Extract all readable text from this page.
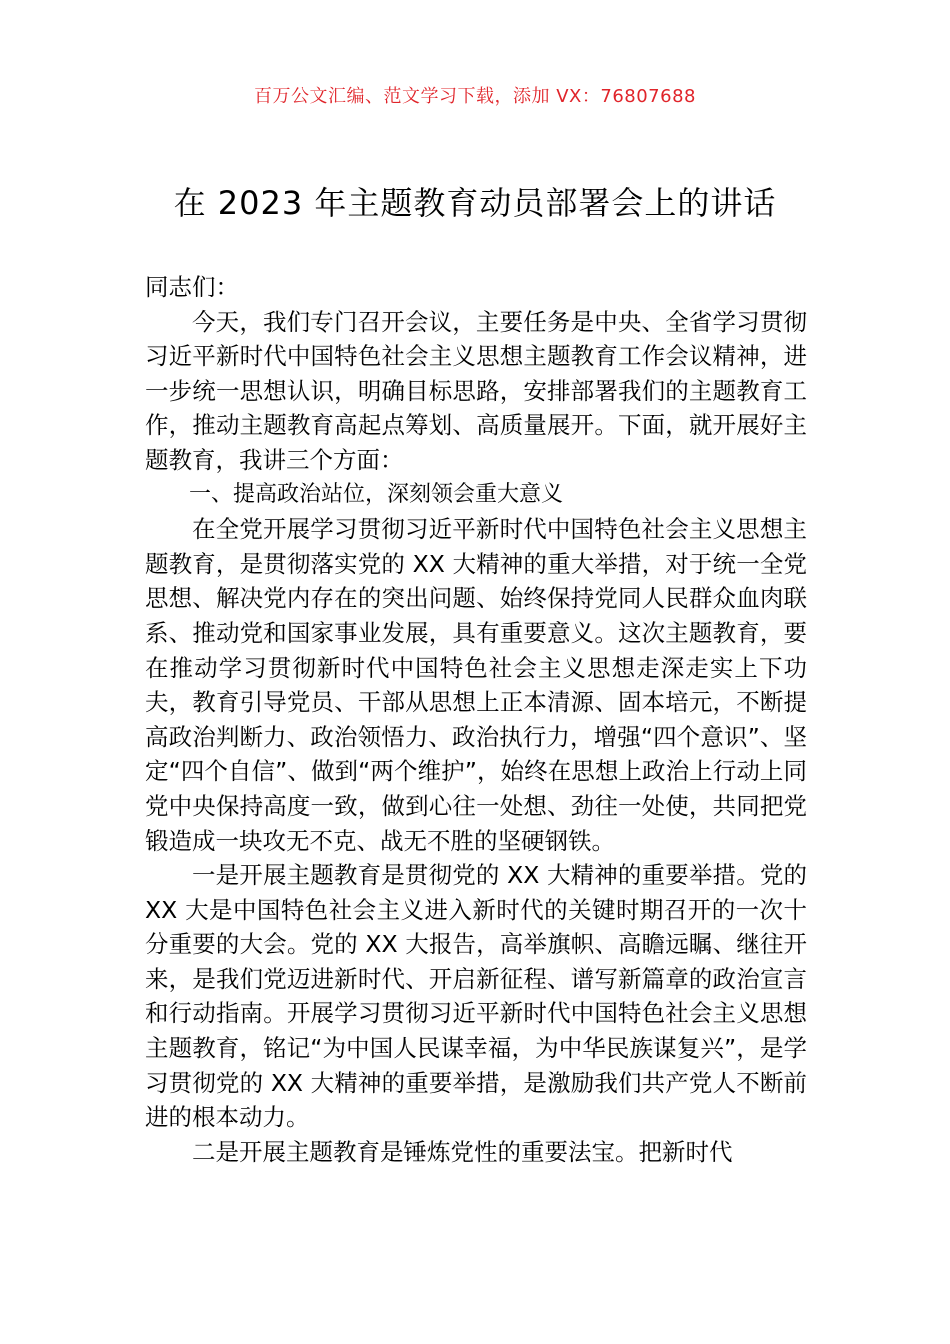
百万公文汇编、范文学习下载，添加 VX：76807688
在 2023 年主题教育动员部署会上的讲话

同志们：

今天，我们专门召开会议，主要任务是中央、全省学习贯彻习近平新时代中国特色社会主义思想主题教育工作会议精神，进一步统一思想认识，明确目标思路，安排部署我们的主题教育工作，推动主题教育高起点筹划、高质量展开。下面，就开展好主题教育，我讲三个方面：

一、提高政治站位，深刻领会重大意义

在全党开展学习贯彻习近平新时代中国特色社会主义思想主题教育，是贯彻落实党的 XX 大精神的重大举措，对于统一全党思想、解决党内存在的突出问题、始终保持党同人民群众血肉联系、推动党和国家事业发展，具有重要意义。这次主题教育，要在推动学习贯彻新时代中国特色社会主义思想走深走实上下功夫，教育引导党员、干部从思想上正本清源、固本培元，不断提高政治判断力、政治领悟力、政治执行力，增强“四个意识”、坚定“四个自信”、做到“两个维护”，始终在思想上政治上行动上同党中央保持高度一致，做到心往一处想、劲往一处使，共同把党锻造成一块攻无不克、战无不胜的坚硬钢铁。

一是开展主题教育是贯彻党的 XX 大精神的重要举措。党的 XX 大是中国特色社会主义进入新时代的关键时期召开的一次十分重要的大会。党的 XX 大报告，高举旗帜、高瞻远瞩、继往开来，是我们党迈进新时代、开启新征程、谱写新篇章的政治宣言和行动指南。开展学习贯彻习近平新时代中国特色社会主义思想主题教育，铭记“为中国人民谋幸福，为中华民族谋复兴”，是学习贯彻党的 XX 大精神的重要举措，是激励我们共产党人不断前进的根本动力。

二是开展主题教育是锤炼党性的重要法宝。把新时代
